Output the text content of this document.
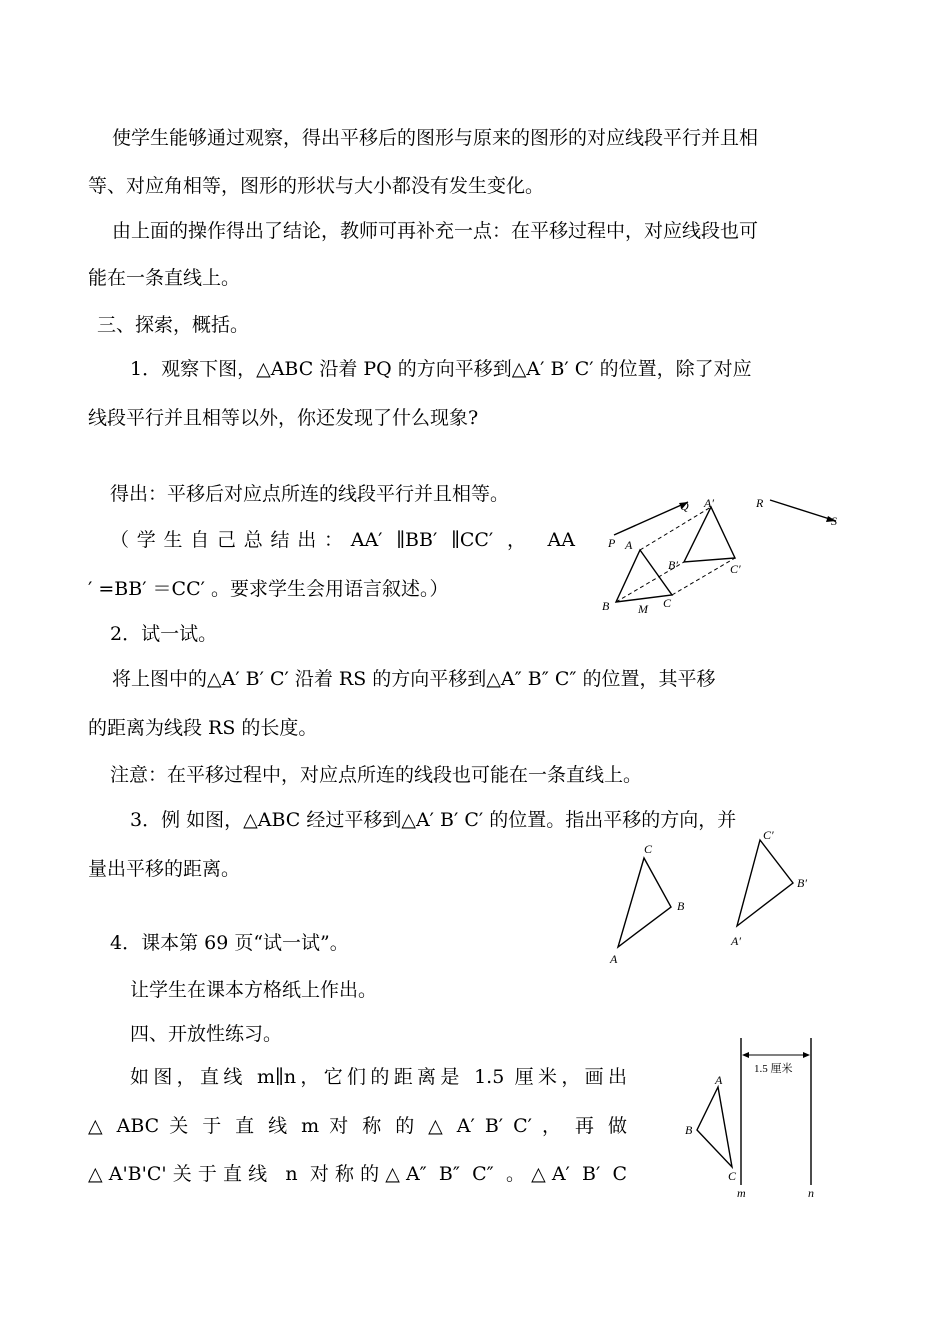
使学生能够通过观察，得出平移后的图形与原来的图形的对应线段平行并且相
等、对应角相等，图形的形状与大小都没有发生变化。
由上面的操作得出了结论，教师可再补充一点：在平移过程中，对应线段也可
能在一条直线上。
三、探索，概括。
1．观察下图，△ABC 沿着 PQ 的方向平移到△A′ B′ C′ 的位置，除了对应
线段平行并且相等以外，你还发现了什么现象?
得出：平移后对应点所连的线段平行并且相等。
（学生自己总结出：AA′ ∥BB′ ∥CC′ ， AA
′ =BB′ ＝CC′ 。要求学生会用语言叙述。）
2．试一试。
将上图中的△A′ B′ C′ 沿着 RS 的方向平移到△A″ B″ C″ 的位置，其平移
的距离为线段 RS 的长度。
注意：在平移过程中，对应点所连的线段也可能在一条直线上。
3．例 如图，△ABC 经过平移到△A′ B′ C′ 的位置。指出平移的方向，并
量出平移的距离。
4．课本第 69 页“试一试”。
让学生在课本方格纸上作出。
四、开放性练习。
如图，直线 m∥n，它们的距离是 1.5 厘米，画出
△ ABC 关 于 直 线 m 对 称 的 △ A′ B′ C′ ， 再 做
△A'B'C'关于直线 n 对称的△A″ B″ C″ 。△A′ B′ C
P
Q
A
A′
B
B′
C
C′
M
R
S
C
B
A
C′
B′
A′
1.5 厘米
A
B
C
m	n
